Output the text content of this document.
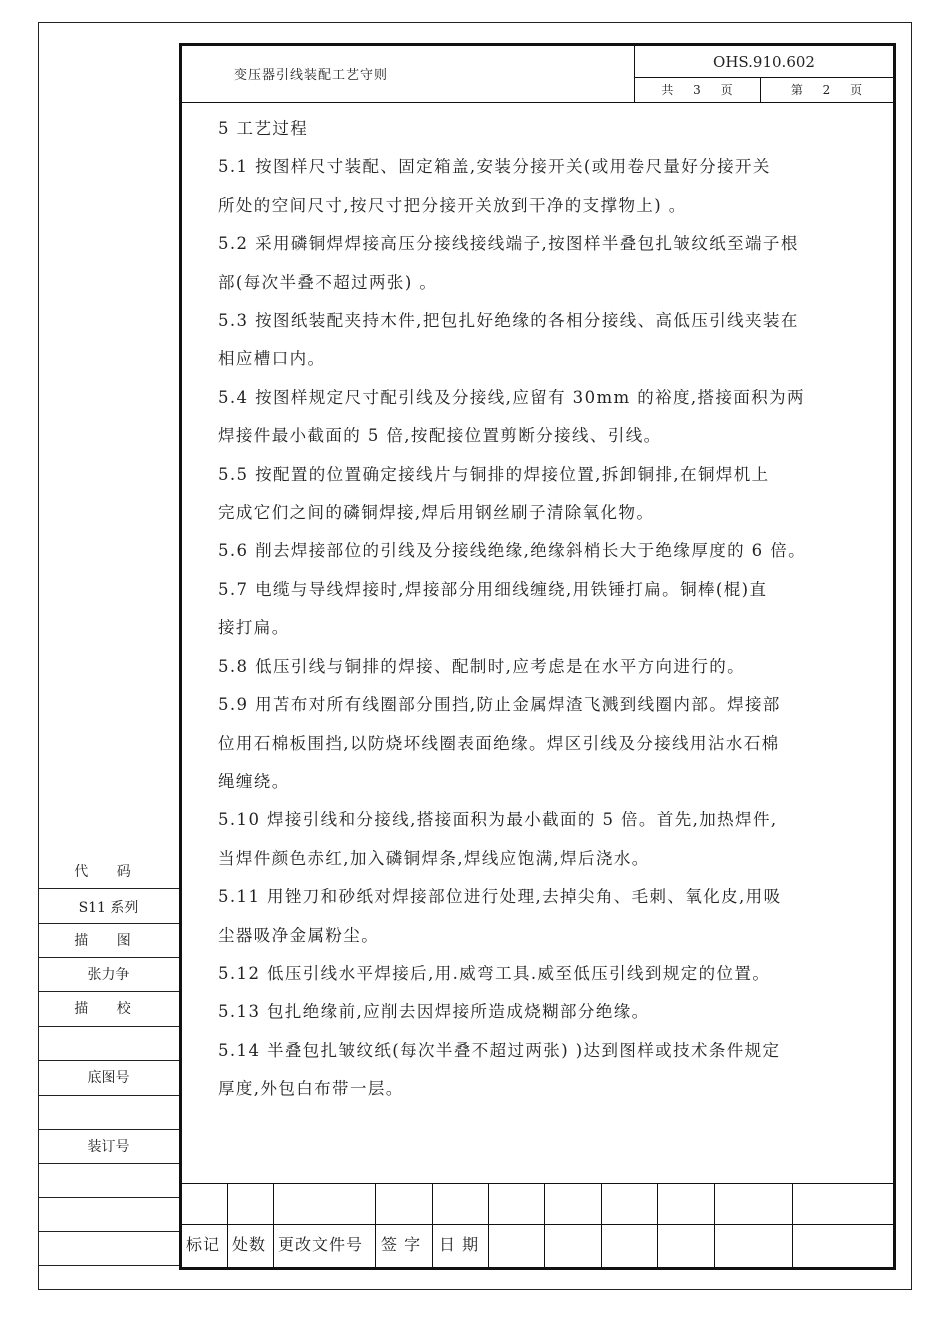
代 码
S11 系列
描 图
张力争
描 校
底图号
装订号
变压器引线装配工艺守则
OHS.910.602
共 3 页	第 2 页

5 工艺过程

5.1 按图样尺寸装配、固定箱盖,安装分接开关(或用卷尺量好分接开关

所处的空间尺寸,按尺寸把分接开关放到干净的支撑物上) 。

5.2 采用磷铜焊焊接高压分接线接线端子,按图样半叠包扎皱纹纸至端子根

部(每次半叠不超过两张) 。

5.3 按图纸装配夹持木件,把包扎好绝缘的各相分接线、高低压引线夹装在

相应槽口内。

5.4 按图样规定尺寸配引线及分接线,应留有 30mm 的裕度,搭接面积为两

焊接件最小截面的 5 倍,按配接位置剪断分接线、引线。

5.5 按配置的位置确定接线片与铜排的焊接位置,拆卸铜排,在铜焊机上

完成它们之间的磷铜焊接,焊后用钢丝刷子清除氧化物。

5.6 削去焊接部位的引线及分接线绝缘,绝缘斜梢长大于绝缘厚度的 6 倍。

5.7 电缆与导线焊接时,焊接部分用细线缠绕,用铁锤打扁。铜棒(棍)直

接打扁。

5.8 低压引线与铜排的焊接、配制时,应考虑是在水平方向进行的。

5.9 用苫布对所有线圈部分围挡,防止金属焊渣飞溅到线圈内部。焊接部

位用石棉板围挡,以防烧坏线圈表面绝缘。焊区引线及分接线用沾水石棉

绳缠绕。

5.10 焊接引线和分接线,搭接面积为最小截面的 5 倍。首先,加热焊件,

当焊件颜色赤红,加入磷铜焊条,焊线应饱满,焊后浇水。

5.11 用锉刀和砂纸对焊接部位进行处理,去掉尖角、毛刺、氧化皮,用吸

尘器吸净金属粉尘。

5.12 低压引线水平焊接后,用.威弯工具.威至低压引线到规定的位置。

5.13 包扎绝缘前,应削去因焊接所造成烧糊部分绝缘。

5.14 半叠包扎皱纹纸(每次半叠不超过两张) )达到图样或技术条件规定

厚度,外包白布带一层。

标记 处数 更改文件号 签 字 日 期
